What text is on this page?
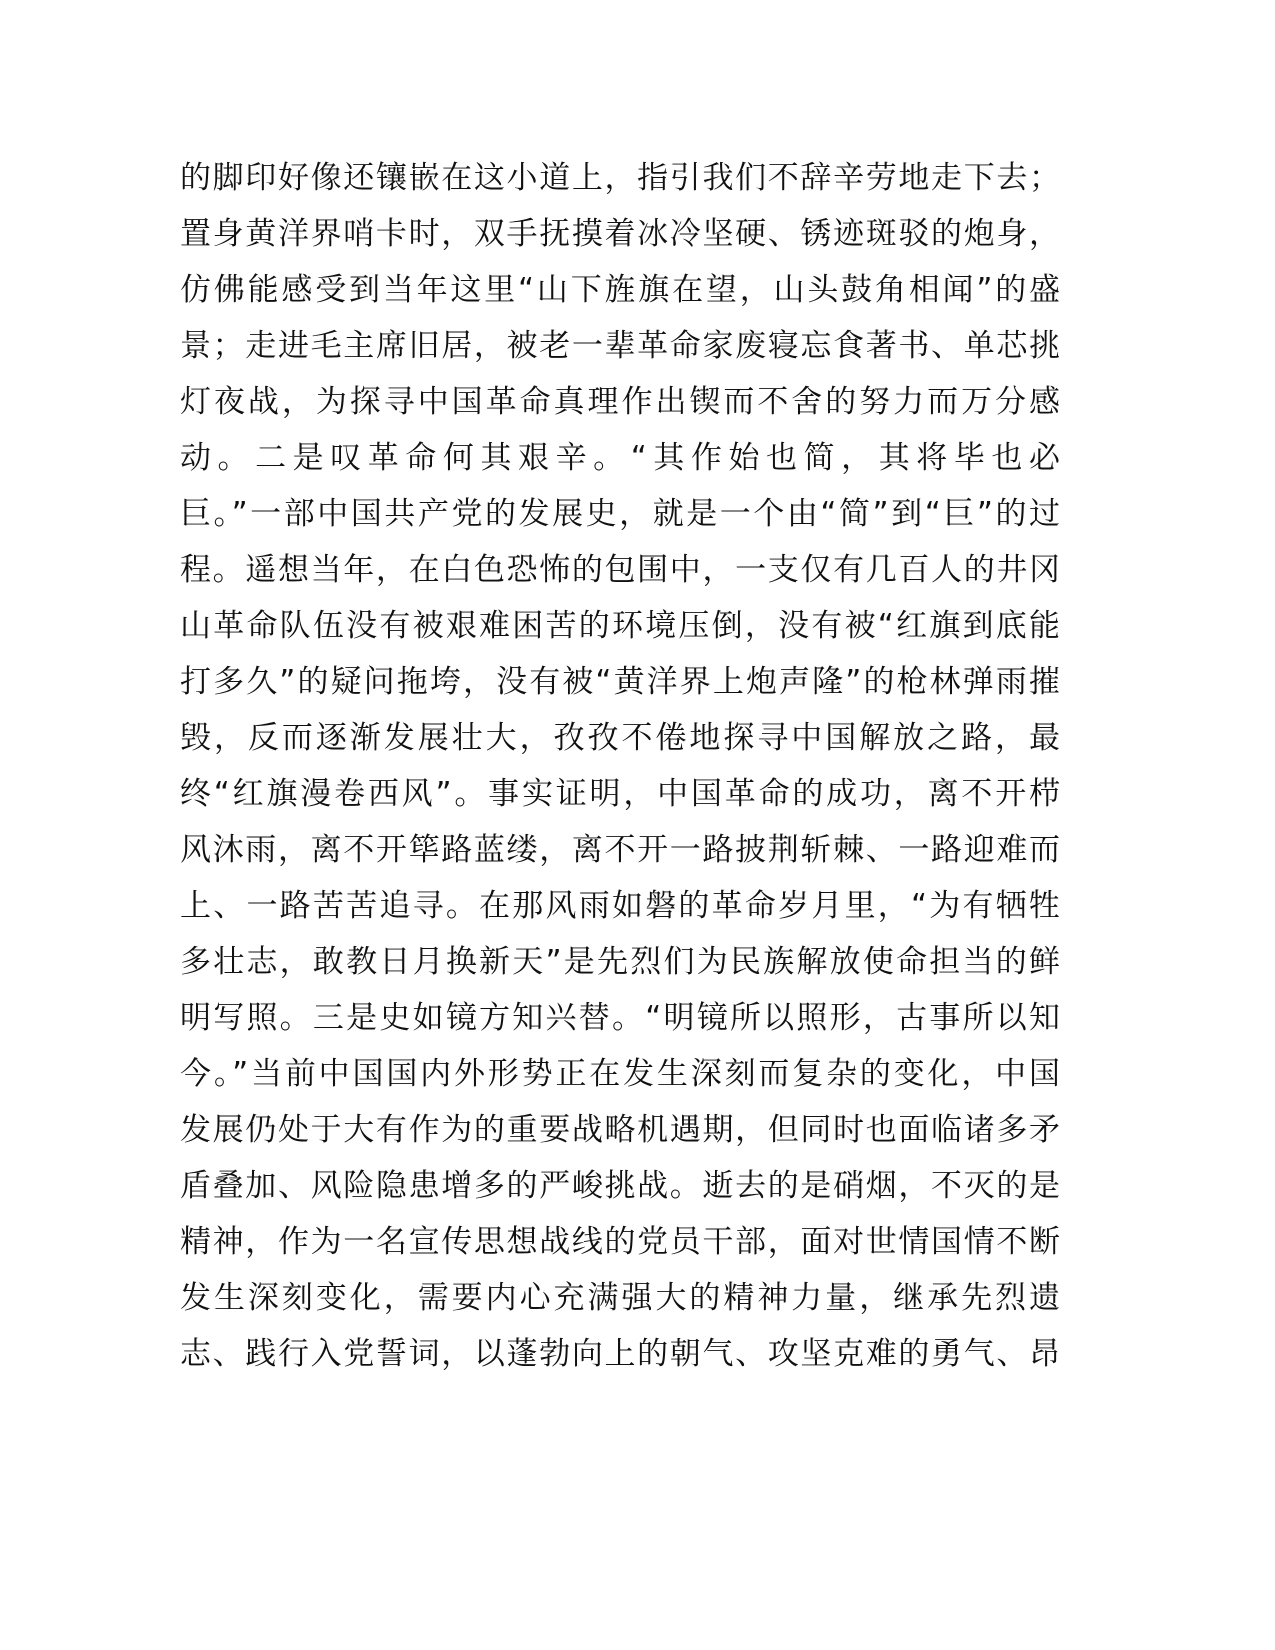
的脚印好像还镶嵌在这小道上，指引我们不辞辛劳地走下去；
置身黄洋界哨卡时，双手抚摸着冰冷坚硬、锈迹斑驳的炮身，
仿佛能感受到当年这里“山下旌旗在望，山头鼓角相闻”的盛
景；走进毛主席旧居，被老一辈革命家废寝忘食著书、单芯挑
灯夜战，为探寻中国革命真理作出锲而不舍的努力而万分感
动。二是叹革命何其艰辛。“其作始也简，其将毕也必
巨。”一部中国共产党的发展史，就是一个由“简”到“巨”的过
程。遥想当年，在白色恐怖的包围中，一支仅有几百人的井冈
山革命队伍没有被艰难困苦的环境压倒，没有被“红旗到底能
打多久”的疑问拖垮，没有被“黄洋界上炮声隆”的枪林弹雨摧
毁，反而逐渐发展壮大，孜孜不倦地探寻中国解放之路，最
终“红旗漫卷西风”。事实证明，中国革命的成功，离不开栉
风沐雨，离不开筚路蓝缕，离不开一路披荆斩棘、一路迎难而
上、一路苦苦追寻。在那风雨如磐的革命岁月里，“为有牺牲
多壮志，敢教日月换新天”是先烈们为民族解放使命担当的鲜
明写照。三是史如镜方知兴替。“明镜所以照形，古事所以知
今。”当前中国国内外形势正在发生深刻而复杂的变化，中国
发展仍处于大有作为的重要战略机遇期，但同时也面临诸多矛
盾叠加、风险隐患增多的严峻挑战。逝去的是硝烟，不灭的是
精神，作为一名宣传思想战线的党员干部，面对世情国情不断
发生深刻变化，需要内心充满强大的精神力量，继承先烈遗
志、践行入党誓词，以蓬勃向上的朝气、攻坚克难的勇气、昂
